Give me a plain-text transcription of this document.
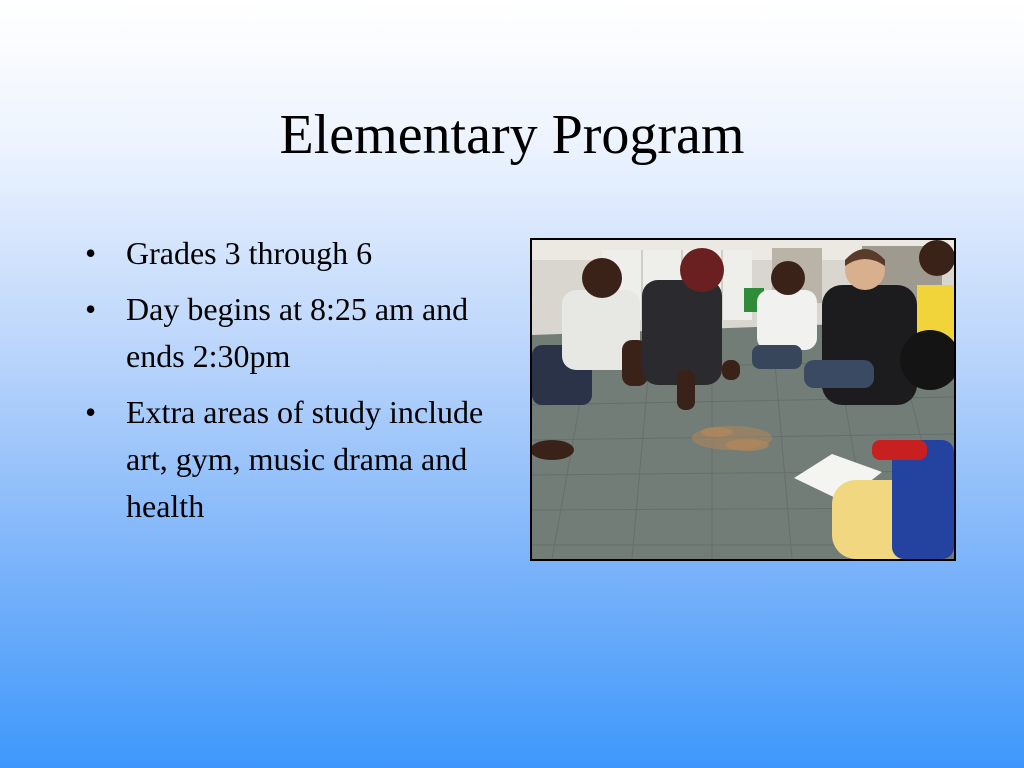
Elementary Program
• Grades 3 through 6
• Day begins at 8:25 am and ends 2:30pm
• Extra areas of study include art, gym, music drama and health
